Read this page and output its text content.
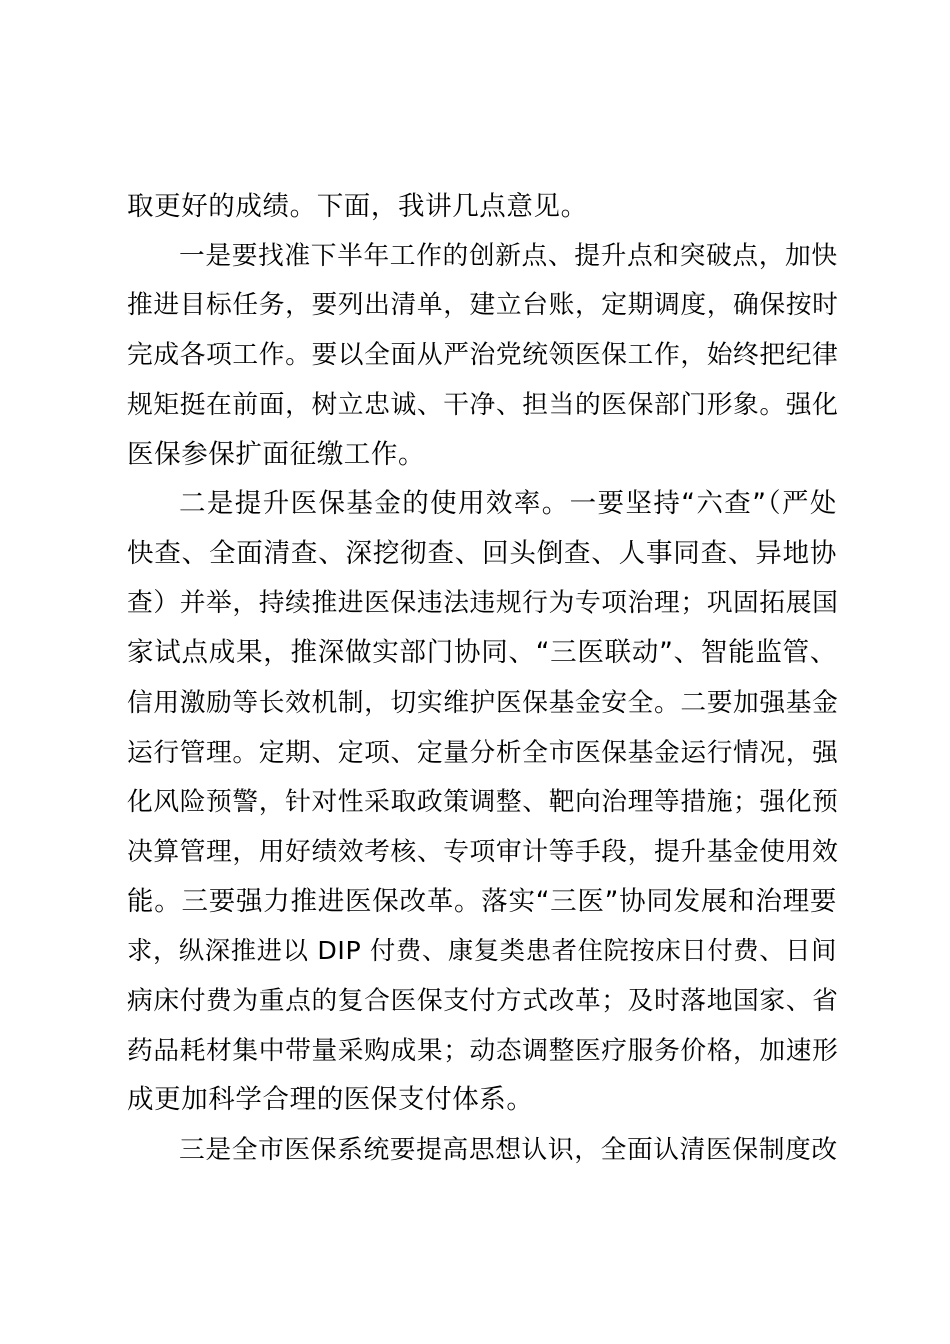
取更好的成绩。下面，我讲几点意见。
一是要找准下半年工作的创新点、提升点和突破点，加快
推进目标任务，要列出清单，建立台账，定期调度，确保按时
完成各项工作。要以全面从严治党统领医保工作，始终把纪律
规矩挺在前面，树立忠诚、干净、担当的医保部门形象。强化
医保参保扩面征缴工作。
二是提升医保基金的使用效率。一要坚持“六查”（严处
快查、全面清查、深挖彻查、回头倒查、人事同查、异地协
查）并举，持续推进医保违法违规行为专项治理；巩固拓展国
家试点成果，推深做实部门协同、“三医联动”、智能监管、
信用激励等长效机制，切实维护医保基金安全。二要加强基金
运行管理。定期、定项、定量分析全市医保基金运行情况，强
化风险预警，针对性采取政策调整、靶向治理等措施；强化预
决算管理，用好绩效考核、专项审计等手段，提升基金使用效
能。三要强力推进医保改革。落实“三医”协同发展和治理要
求，纵深推进以 DIP 付费、康复类患者住院按床日付费、日间
病床付费为重点的复合医保支付方式改革；及时落地国家、省
药品耗材集中带量采购成果；动态调整医疗服务价格，加速形
成更加科学合理的医保支付体系。
三是全市医保系统要提高思想认识，全面认清医保制度改
